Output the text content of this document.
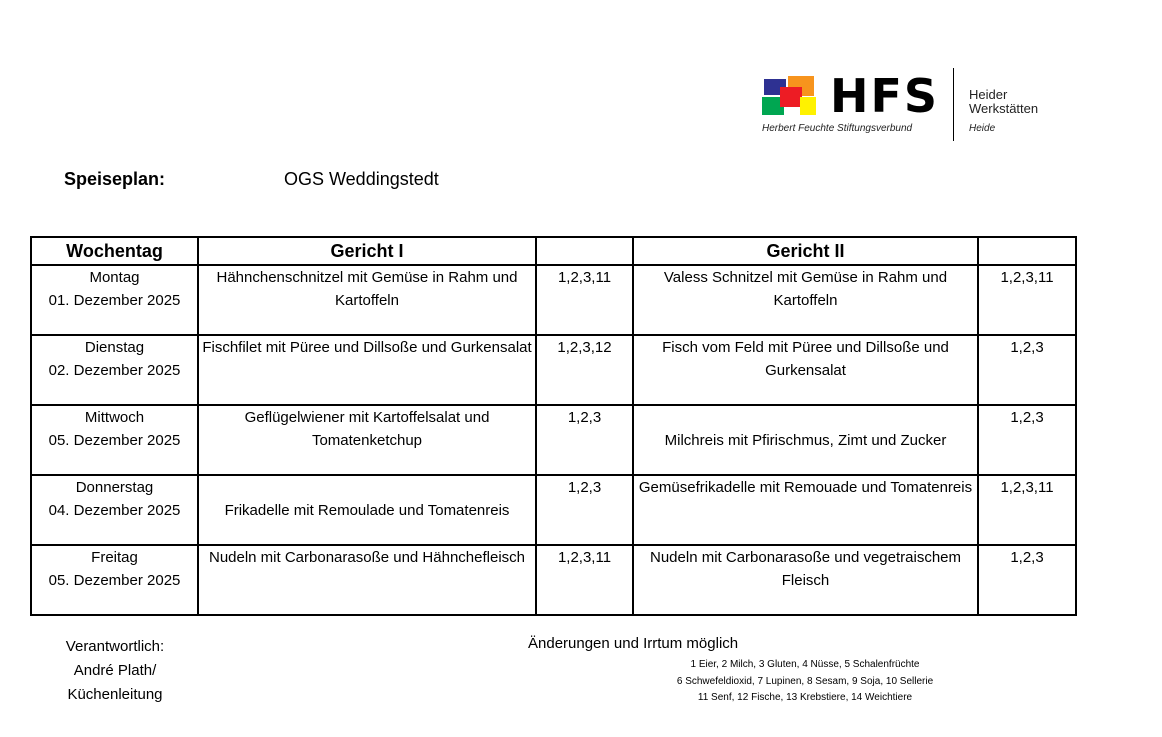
HFS
Herbert Feuchte Stiftungsverbund
Heider
Werkstätten
Heide
Speiseplan:	OGS Weddingstedt
Wochentag	Gericht I		Gericht II	
Montag
01. Dezember 2025	Hähnchenschnitzel mit Gemüse in Rahm und Kartoffeln	1,2,3,11	Valess Schnitzel mit Gemüse in Rahm und Kartoffeln	1,2,3,11
Dienstag
02. Dezember 2025	Fischfilet mit Püree und Dillsoße und Gurkensalat	1,2,3,12	Fisch vom Feld mit Püree und Dillsoße und Gurkensalat	1,2,3
Mittwoch
05. Dezember 2025	Geflügelwiener mit Kartoffelsalat und Tomatenketchup	1,2,3	Milchreis mit Pfirischmus, Zimt und Zucker	1,2,3
Donnerstag
04. Dezember 2025	Frikadelle mit Remoulade und Tomatenreis	1,2,3	Gemüsefrikadelle mit Remouade und Tomatenreis	1,2,3,11
Freitag
05. Dezember 2025	Nudeln mit Carbonarasoße und Hähnchefleisch	1,2,3,11	Nudeln mit Carbonarasoße und vegetraischem Fleisch	1,2,3
Verantwortlich:
André Plath/
Küchenleitung
Änderungen und Irrtum möglich
1 Eier, 2 Milch, 3 Gluten, 4 Nüsse, 5 Schalenfrüchte
6 Schwefeldioxid, 7 Lupinen, 8 Sesam, 9 Soja, 10 Sellerie
11 Senf, 12 Fische, 13 Krebstiere, 14 Weichtiere
